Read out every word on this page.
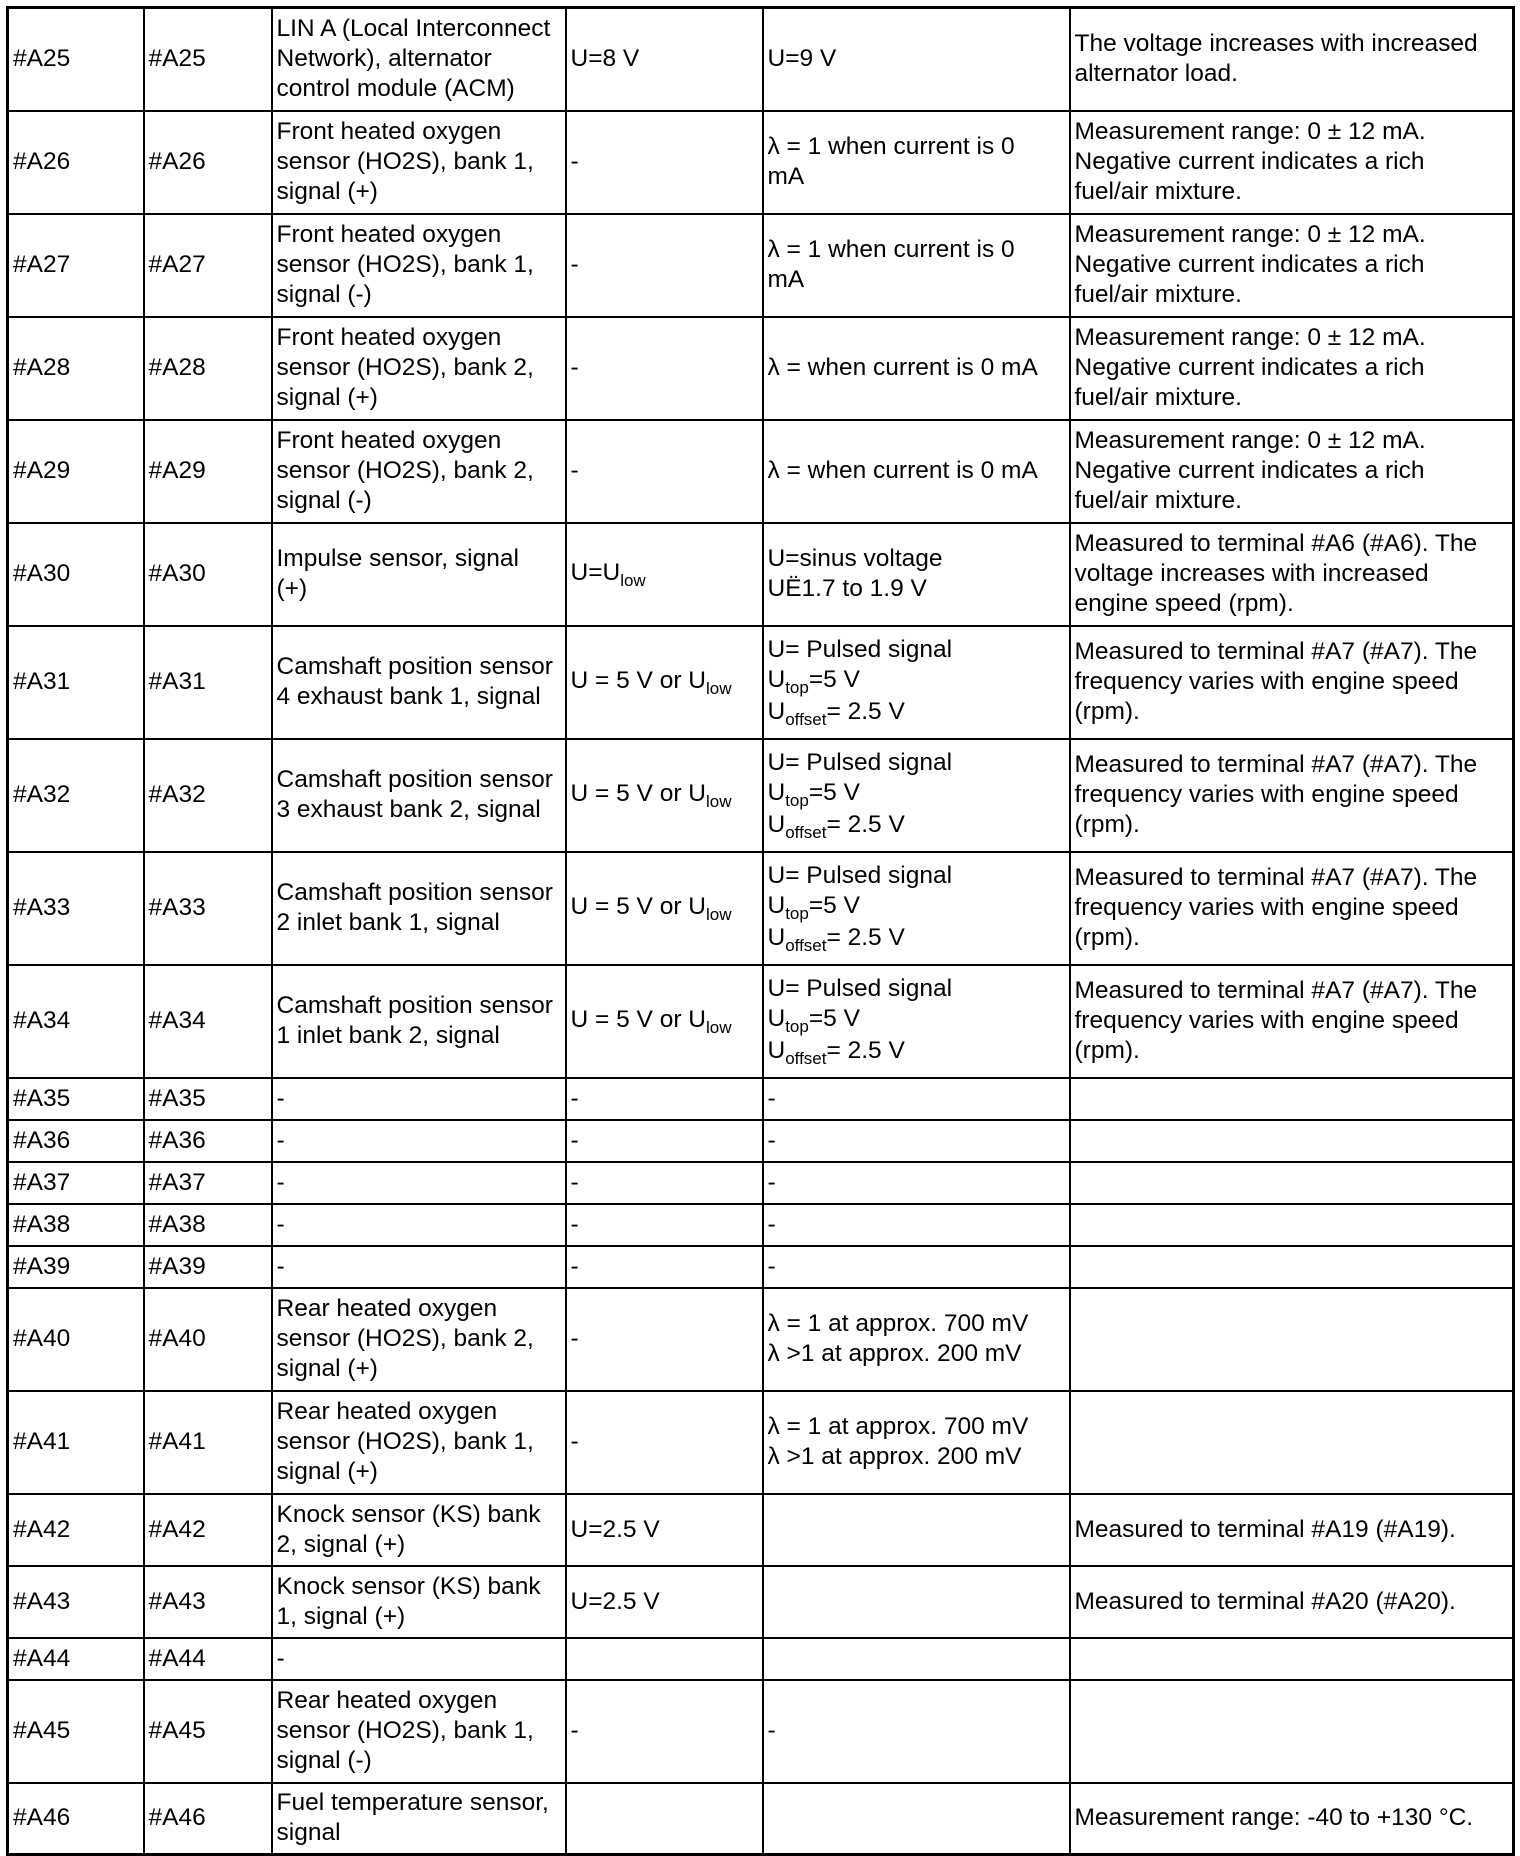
#A25	#A25	LIN A (Local Interconnect
Network), alternator
control module (ACM)	U=8 V	U=9 V	The voltage increases with increased
alternator load.

#A26	#A26	Front heated oxygen
sensor (HO2S), bank 1,
signal (+)	-	λ = 1 when current is 0
mA	Measurement range: 0 ± 12 mA.
Negative current indicates a rich
fuel/air mixture.

#A27	#A27	Front heated oxygen
sensor (HO2S), bank 1,
signal (-)	-	λ = 1 when current is 0
mA	Measurement range: 0 ± 12 mA.
Negative current indicates a rich
fuel/air mixture.

#A28	#A28	Front heated oxygen
sensor (HO2S), bank 2,
signal (+)	-	λ = when current is 0 mA	Measurement range: 0 ± 12 mA.
Negative current indicates a rich
fuel/air mixture.

#A29	#A29	Front heated oxygen
sensor (HO2S), bank 2,
signal (-)	-	λ = when current is 0 mA	Measurement range: 0 ± 12 mA.
Negative current indicates a rich
fuel/air mixture.

#A30	#A30	Impulse sensor, signal
(+)	$U=U_{low}$	U=sinus voltage
UË1.7 to 1.9 V	Measured to terminal #A6 (#A6). The
voltage increases with increased
engine speed (rpm).

#A31	#A31	Camshaft position sensor
4 exhaust bank 1, signal	U = 5 V or $U_{low}$	U= Pulsed signal
$U_{top}=5$ V
$U_{offset}= 2.5$ V	Measured to terminal #A7 (#A7). The
frequency varies with engine speed
(rpm).

#A32	#A32	Camshaft position sensor
3 exhaust bank 2, signal	U = 5 V or $U_{low}$	U= Pulsed signal
$U_{top}=5$ V
$U_{offset}= 2.5$ V	Measured to terminal #A7 (#A7). The
frequency varies with engine speed
(rpm).

#A33	#A33	Camshaft position sensor
2 inlet bank 1, signal	U = 5 V or $U_{low}$	U= Pulsed signal
$U_{top}=5$ V
$U_{offset}= 2.5$ V	Measured to terminal #A7 (#A7). The
frequency varies with engine speed
(rpm).

#A34	#A34	Camshaft position sensor
1 inlet bank 2, signal	U = 5 V or $U_{low}$	U= Pulsed signal
$U_{top}=5$ V
$U_{offset}= 2.5$ V	Measured to terminal #A7 (#A7). The
frequency varies with engine speed
(rpm).

#A35	#A35	-	-	-	

#A36	#A36	-	-	-	

#A37	#A37	-	-	-	

#A38	#A38	-	-	-	

#A39	#A39	-	-	-	

#A40	#A40	Rear heated oxygen
sensor (HO2S), bank 2,
signal (+)	-	λ = 1 at approx. 700 mV
λ >1 at approx. 200 mV	

#A41	#A41	Rear heated oxygen
sensor (HO2S), bank 1,
signal (+)	-	λ = 1 at approx. 700 mV
λ >1 at approx. 200 mV	

#A42	#A42	Knock sensor (KS) bank
2, signal (+)	U=2.5 V		Measured to terminal #A19 (#A19).

#A43	#A43	Knock sensor (KS) bank
1, signal (+)	U=2.5 V		Measured to terminal #A20 (#A20).

#A44	#A44	-			

#A45	#A45	Rear heated oxygen
sensor (HO2S), bank 1,
signal (-)	-	-	

#A46	#A46	Fuel temperature sensor,
signal			Measurement range: -40 to +130 °C.
